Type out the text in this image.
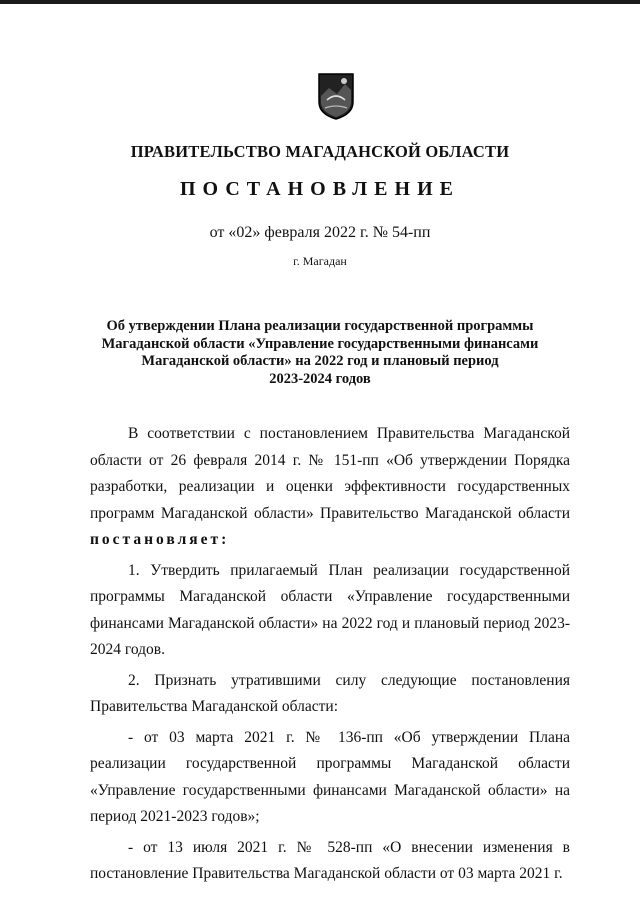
ПРАВИТЕЛЬСТВО МАГАДАНСКОЙ ОБЛАСТИ
ПОСТАНОВЛЕНИЕ
от «02» февраля 2022 г. № 54-пп
г. Магадан
Об утверждении Плана реализации государственной программы
Магаданской области «Управление государственными финансами
Магаданской области» на 2022 год и плановый период
2023-2024 годов

В соответствии с постановлением Правительства Магаданской области от 26 февраля 2014 г. № 151-пп «Об утверждении Порядка разработки, реализации и оценки эффективности государственных программ Магаданской области» Правительство Магаданской области постановляет:

1. Утвердить прилагаемый План реализации государственной программы Магаданской области «Управление государственными финансами Магаданской области» на 2022 год и плановый период 2023-2024 годов.

2. Признать утратившими силу следующие постановления Правительства Магаданской области:

- от 03 марта 2021 г. № 136-пп «Об утверждении Плана реализации государственной программы Магаданской области «Управление государственными финансами Магаданской области» на период 2021-2023 годов»;

- от 13 июля 2021 г. № 528-пп «О внесении изменения в постановление Правительства Магаданской области от 03 марта 2021 г.
